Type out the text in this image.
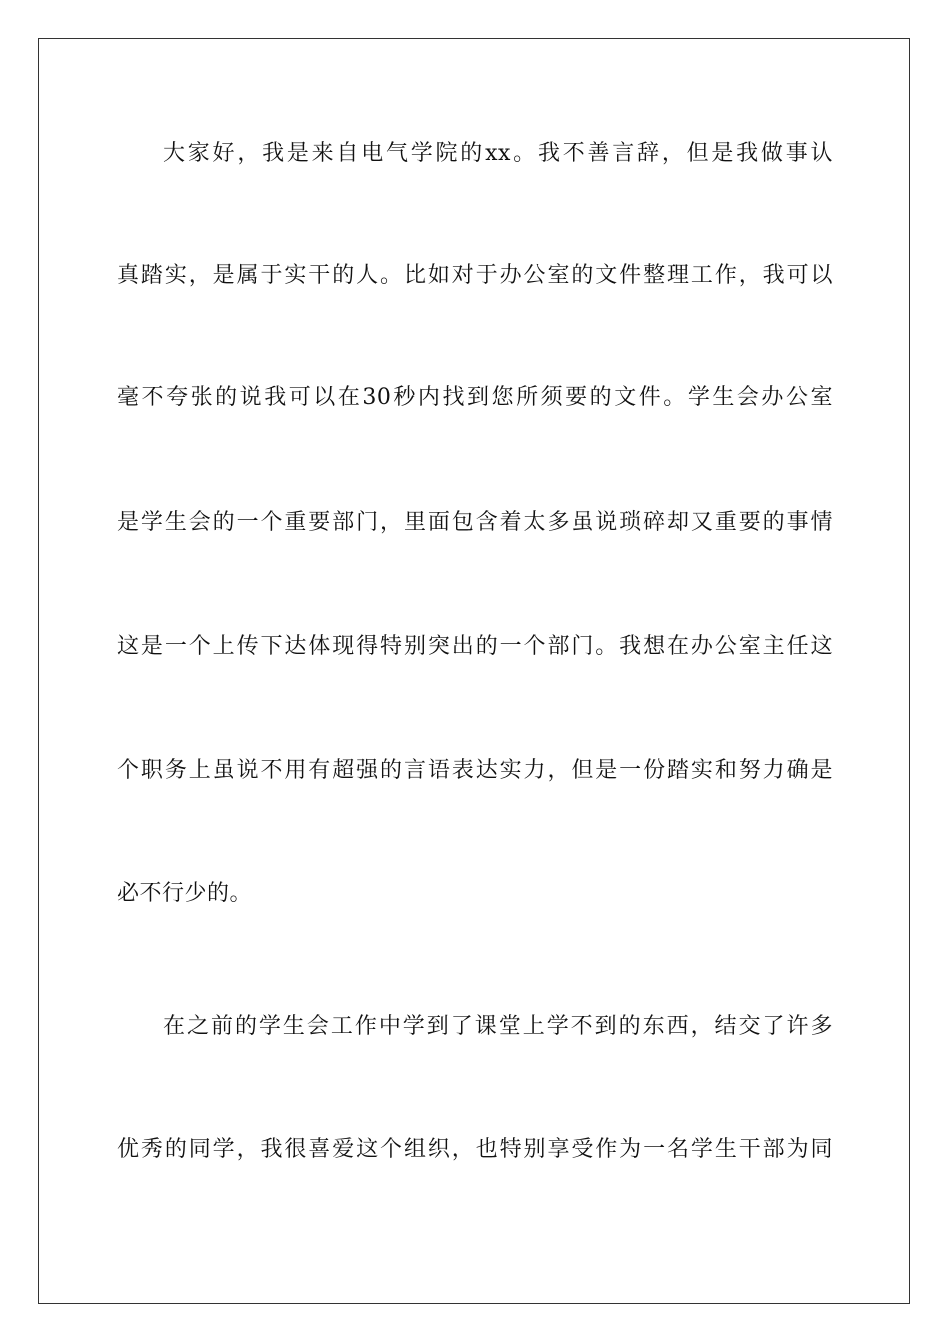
大家好，我是来自电气学院的xx。我不善言辞，但是我做事认
真踏实，是属于实干的人。比如对于办公室的文件整理工作，我可以
毫不夸张的说我可以在30秒内找到您所须要的文件。学生会办公室
是学生会的一个重要部门，里面包含着太多虽说琐碎却又重要的事情
这是一个上传下达体现得特别突出的一个部门。我想在办公室主任这
个职务上虽说不用有超强的言语表达实力，但是一份踏实和努力确是
必不行少的。
在之前的学生会工作中学到了课堂上学不到的东西，结交了许多
优秀的同学，我很喜爱这个组织，也特别享受作为一名学生干部为同
